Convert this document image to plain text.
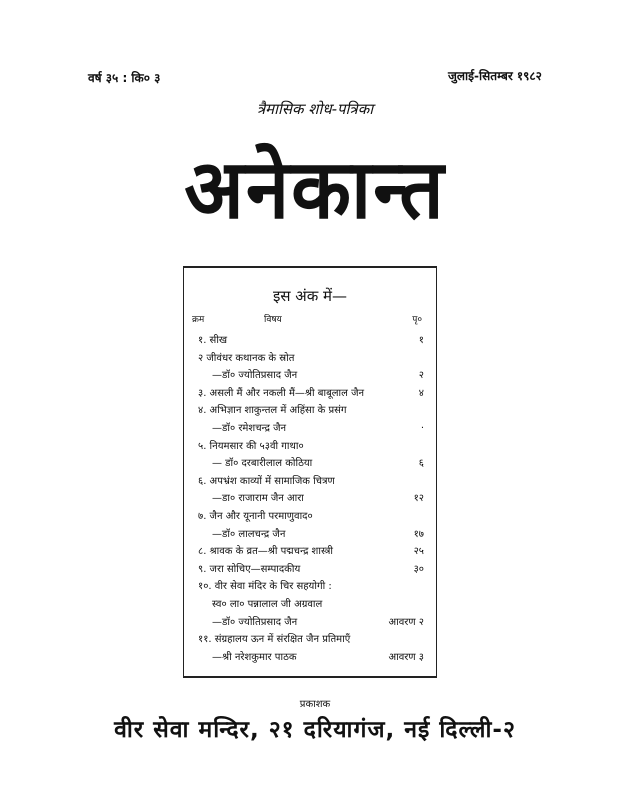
वर्ष ३५ : कि० ३	जुलाई-सितम्बर १९८२
त्रैमासिक शोध-पत्रिका
अनेकान्त
इस अंक में—
क्रम	विषय	पृ०
१. सीख	१
२ जीवंधर कथानक के स्रोत
—डॉ० ज्योतिप्रसाद जैन	२
३. असली मैं और नकली मैं—श्री बाबूलाल जैन	४
४. अभिज्ञान शाकुन्तल में अहिंसा के प्रसंग
—डॉ० रमेशचन्द्र जैन	·
५. नियमसार की ५३वी गाथा०
— डॉ० दरबारीलाल कोठिया	६
६. अपभ्रंश काव्यों में सामाजिक चित्रण
—डा० राजाराम जैन आरा	१२
७. जैन और यूनानी परमाणुवाद०
—डॉ० लालचन्द्र जैन	१७
८. श्रावक के व्रत—श्री पद्मचन्द्र शास्त्री	२५
९. जरा सोचिए—सम्पादकीय	३०
१०. वीर सेवा मंदिर के चिर सहयोगी :
स्व० ला० पन्नालाल जी अग्रवाल
—डॉ० ज्योतिप्रसाद जैन	आवरण २
११. संग्रहालय ऊन में संरक्षित जैन प्रतिमाएँ
—श्री नरेशकुमार पाठक	आवरण ३
प्रकाशक
वीर सेवा मन्दिर, २१ दरियागंज, नई दिल्ली-२
